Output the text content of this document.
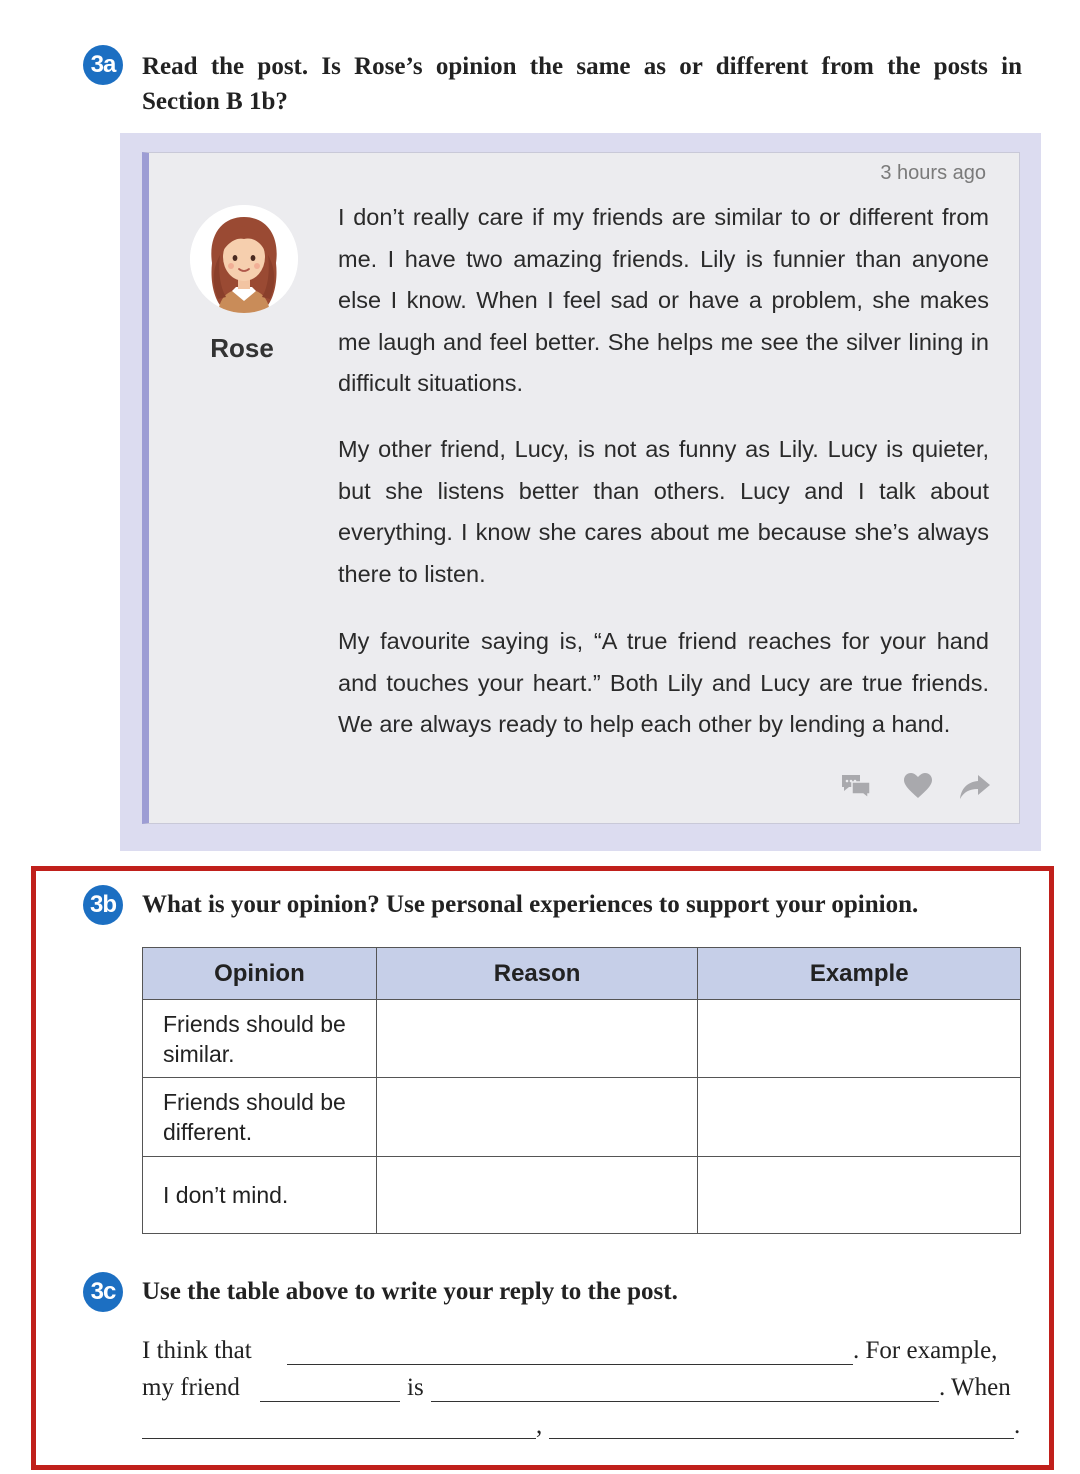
3a	Read the post. Is Rose’s opinion the same as or different from the posts in
Section B 1b?
3 hours ago
Rose

I don’t really care if my friends are similar to or different from me. I have two amazing friends. Lily is funnier than anyone else I know. When I feel sad or have a problem, she makes me laugh and feel better. She helps me see the silver lining in difficult situations.

My other friend, Lucy, is not as funny as Lily. Lucy is quieter, but she listens better than others. Lucy and I talk about everything. I know she cares about me because she’s always there to listen.

My favourite saying is, “A true friend reaches for your hand and touches your heart.” Both Lily and Lucy are true friends. We are always ready to help each other by lending a hand.

3b What is your opinion? Use personal experiences to support your opinion.
Opinion	Reason	Example
Friends should be similar.		
Friends should be different.		
I don’t mind.		
3c	Use the table above to write your reply to the post.
I think that	. For example,
my friend	is	. When
,	.
